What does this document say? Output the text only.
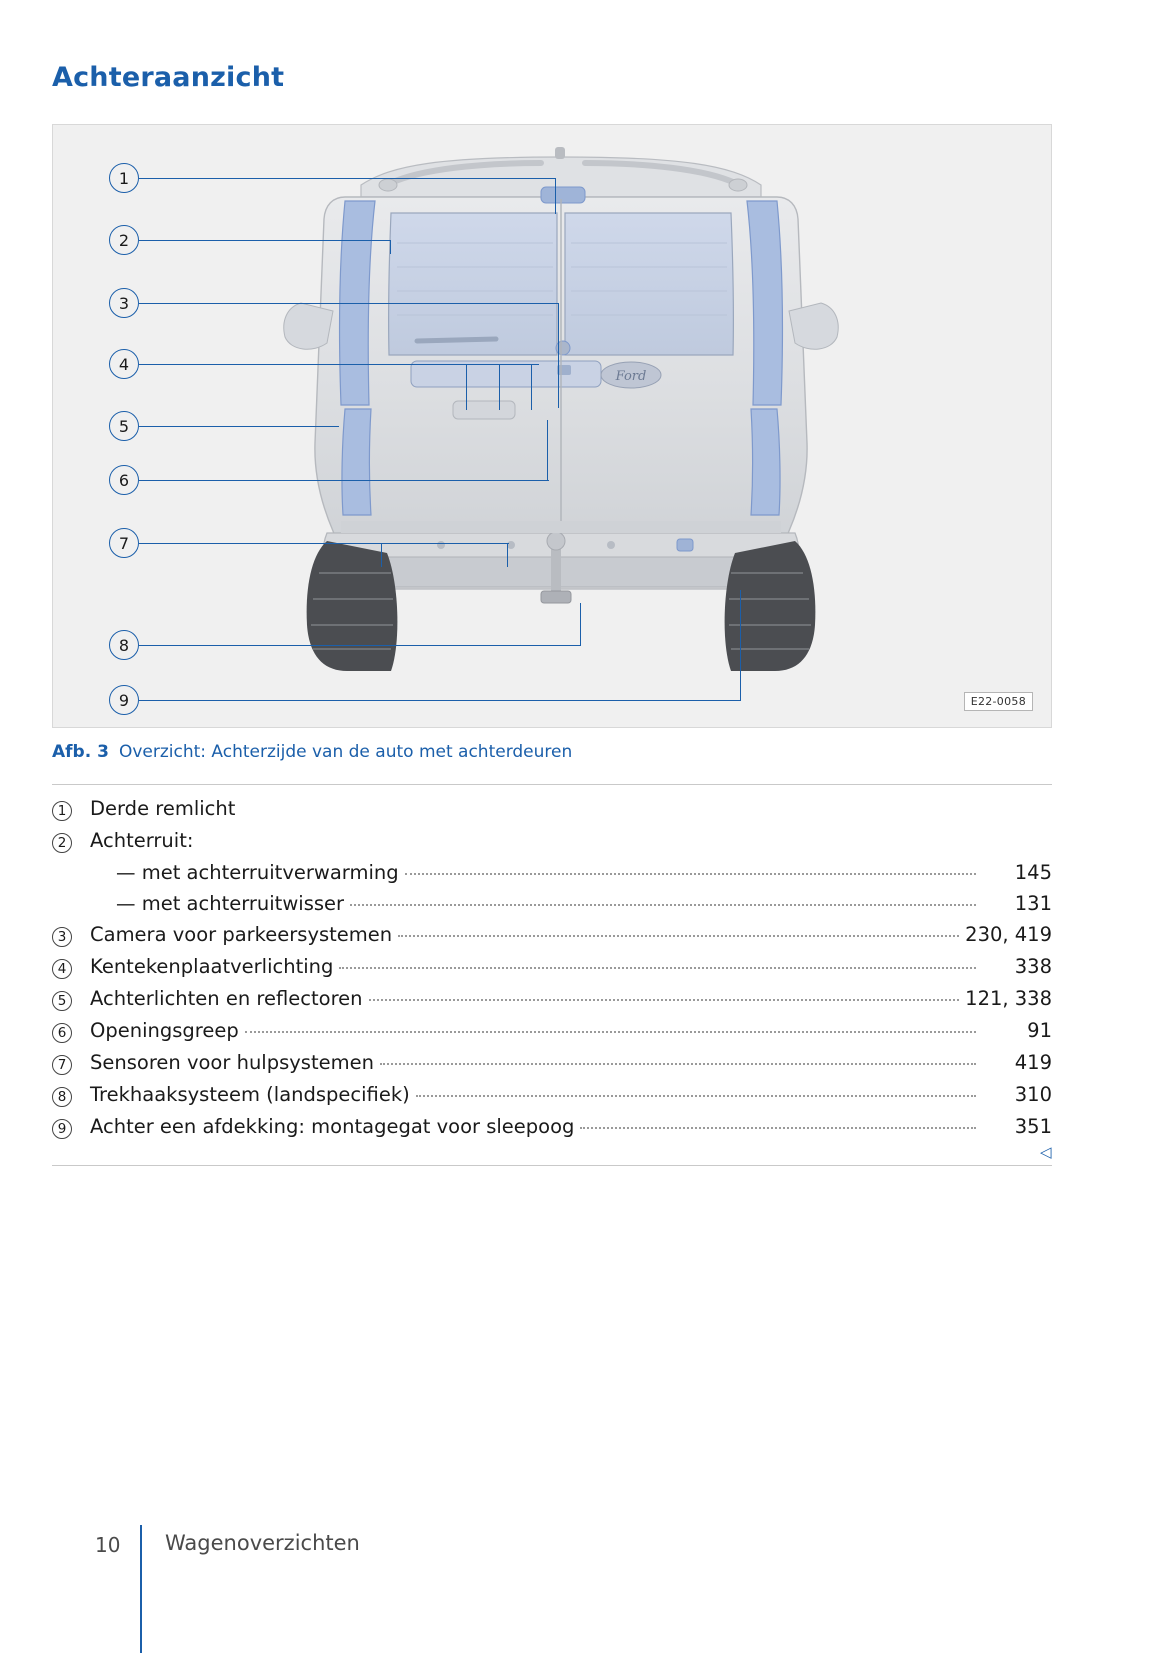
Achteraanzicht
Ford
1
2
3
4
5
6
7
8
9	E22-0058
Afb. 3 Overzicht: Achterzijde van de auto met achterdeuren
1	Derde remlicht
2	Achterruit:
— met achterruitverwarming	145
— met achterruitwisser	131
3	Camera voor parkeersystemen	230, 419
4	Kentekenplaatverlichting	338
5	Achterlichten en reflectoren	121, 338
6	Openingsgreep	91
7	Sensoren voor hulpsystemen	419
8	Trekhaaksysteem (landspecifiek)	310
9	Achter een afdekking: montagegat voor sleepoog	351
◁
10 Wagenoverzichten
